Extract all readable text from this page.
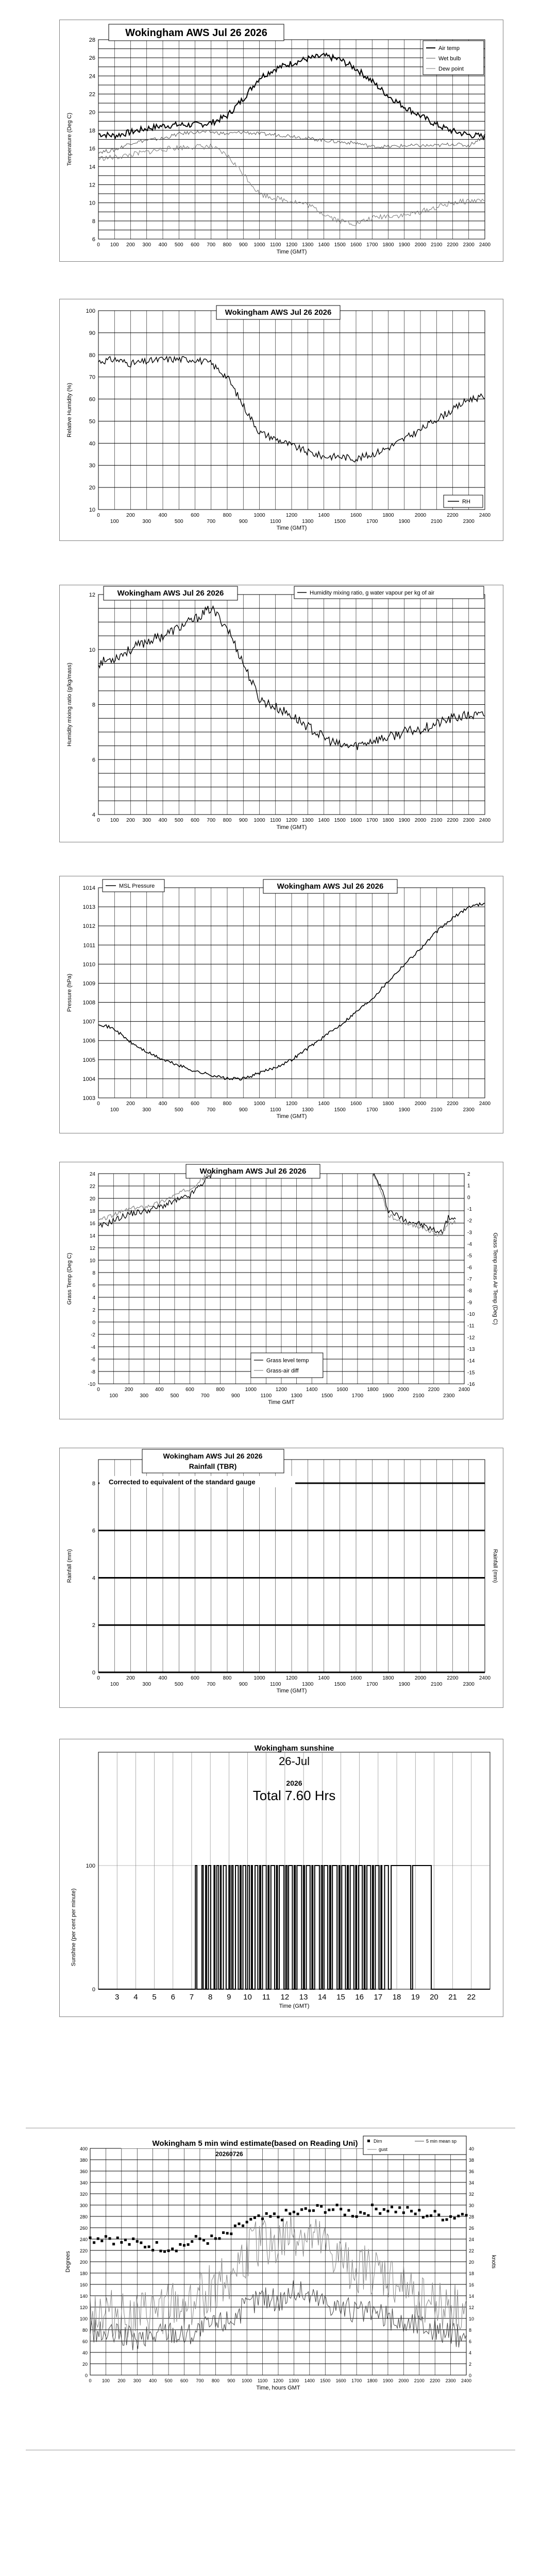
6
8
10
12
14
16
18
20
22
24
26
28
0 100 200 300 400 500 600 700 800 900 1000 1100 1200 1300 1400 1500 1600 1700 1800 1900 2000 2100 2200 2300 2400
Time (GMT)
Temperature (Deg C)
Wokingham AWS Jul 26 2026
Air temp
Wet bulb
Dew point
10
20
30
40
50
60
70
80
90
100
0	200	400	600	800	1000	1200	1400	1600	1800	2000	2200	2400
100	300	500	700	900	1100	1300	1500	1700	1900	2100	2300
Time (GMT)
Relative Humidity (%)
Wokingham AWS Jul 26 2026
RH
4
6
8
10
12
0 100 200 300 400 500 600 700 800 900 1000 1100 1200 1300 1400 1500 1600 1700 1800 1900 2000 2100 2200 2300 2400
Time (GMT)
Humidity mixing ratio (g/kg/mass)
Wokingham AWS Jul 26 2026	Humidity mixing ratio, g water vapour per kg of air
1003
1004
1005
1006
1007
1008
1009
1010
1011
1012
1013
1014
0	200	400	600	800	1000	1200	1400	1600	1800	2000	2200	2400
100	300	500	700	900	1100	1300	1500	1700	1900	2100	2300
Time (GMT)
Pressure (hPa)
Wokingham AWS Jul 26 2026
MSL Pressure
-10
-8
-6
-4
-2
0
2
4
6
8
10
12
14
16
18
20
22
24
-16
-15
-14
-13
-12
-11
-10
-9
-8
-7
-6
-5
-4
-3
-2
-1
0
1
2
0	200	400	600	800	1000	1200	1400	1600	1800	2000	2200	2400
100	300	500	700	900	1100	1300	1500	1700	1900	2100	2300
Time GMT
Grass Temp (Deg C)	Grass Temp minus Air Temp (Deg C)
Wokingham AWS Jul 26 2026
Grass level temp
Grass-air diff
0
2
4
6
8
0	200	400	600	800	1000	1200	1400	1600	1800	2000	2200	2400
100	300	500	700	900	1100	1300	1500	1700	1900	2100	2300
Time (GMT)
Rainfall (mm)	Rainfall (mm)
Wokingham AWS Jul 26 2026
Rainfall (TBR)
Corrected to equivalent of the standard gauge
0
100
3 4 5 6 7 8 9 10 11 12 13 14 15 16 17 18 19 20 21 22
Time (GMT)
Sunshine (per cent per minute)
Wokingham sunshine
26-Jul
2026
Total 7.60 Hrs
0
20
40
60
80
100
120
140
160
180
200
220
240
260
280
300
320
340
360
380
400
0
2
4
6
8
10
12
14
16
18
20
22
24
26
28
30
32
34
36
38
40
0 100 200 300 400 500 600 700 800 900 1000 1100 1200 1300 1400 1500 1600 1700 1800 1900 2000 2100 2200 2300 2400
Time, hours GMT
Degrees	knots
Wokingham 5 min wind estimate(based on Reading Uni)
20260726
Dirn	5 min mean sp
gust
